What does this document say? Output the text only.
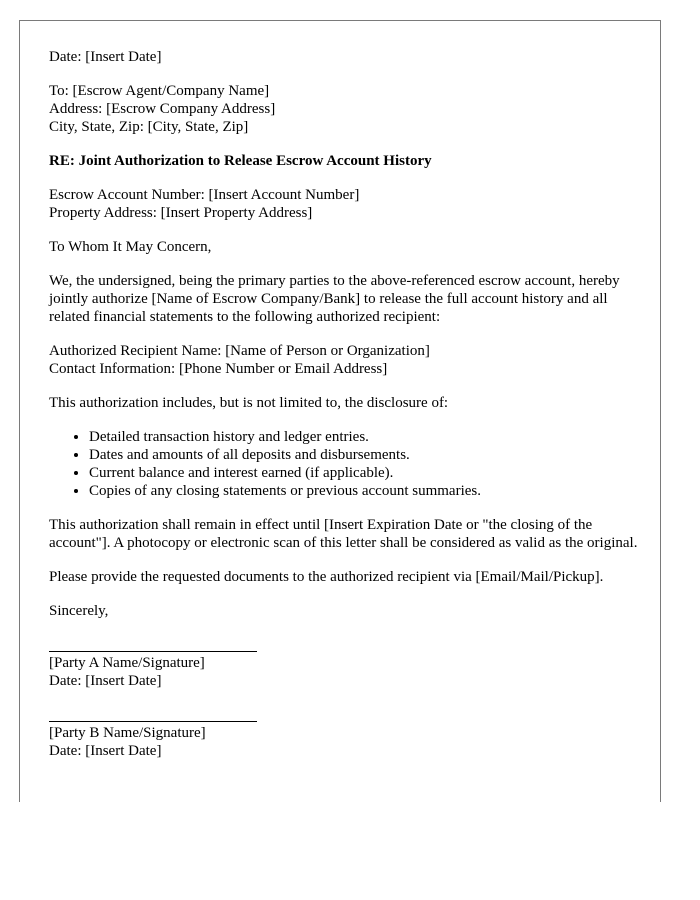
Date: [Insert Date]

To: [Escrow Agent/Company Name]
Address: [Escrow Company Address]
City, State, Zip: [City, State, Zip]

RE: Joint Authorization to Release Escrow Account History

Escrow Account Number: [Insert Account Number]
Property Address: [Insert Property Address]

To Whom It May Concern,

We, the undersigned, being the primary parties to the above-referenced escrow account, hereby jointly authorize [Name of Escrow Company/Bank] to release the full account history and all related financial statements to the following authorized recipient:

Authorized Recipient Name: [Name of Person or Organization]
Contact Information: [Phone Number or Email Address]

This authorization includes, but is not limited to, the disclosure of:

• Detailed transaction history and ledger entries.
• Dates and amounts of all deposits and disbursements.
• Current balance and interest earned (if applicable).
• Copies of any closing statements or previous account summaries.

This authorization shall remain in effect until [Insert Expiration Date or "the closing of the account"]. A photocopy or electronic scan of this letter shall be considered as valid as the original.

Please provide the requested documents to the authorized recipient via [Email/Mail/Pickup].

Sincerely,

[Party A Name/Signature]
Date: [Insert Date]
[Party B Name/Signature]
Date: [Insert Date]
